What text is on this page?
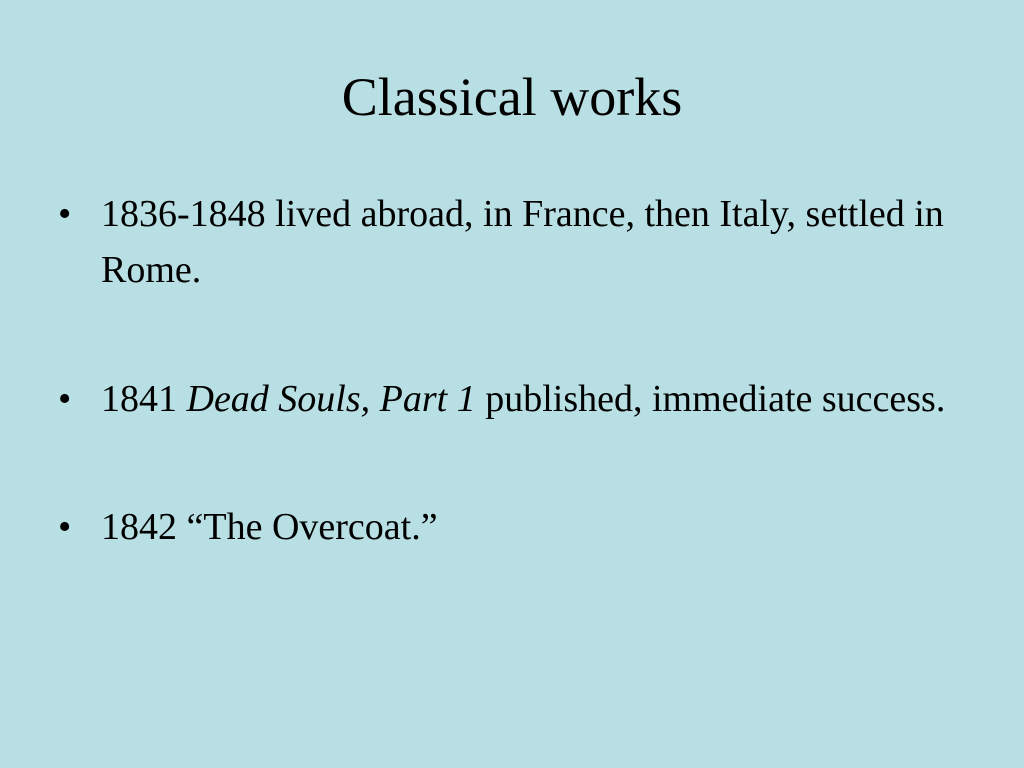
Classical works
• 1836-1848 lived abroad, in France, then Italy, settled in Rome.
• 1841 Dead Souls, Part 1 published, immediate success.
• 1842 “The Overcoat.”
